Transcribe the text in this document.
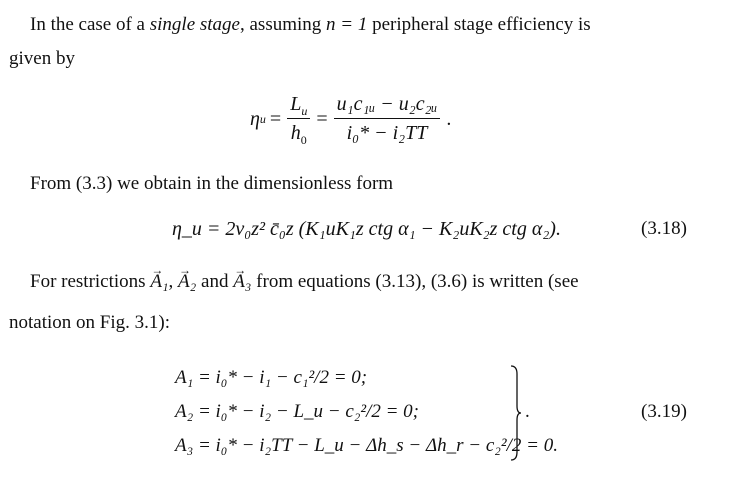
In the case of a single stage, assuming n = 1 peripheral stage efficiency is
given by
η $u = \frac{L_u}{h_0} = \frac{\text{u₁c₁ᵤ − u₂c₂ᵤ}}{\text{i₀* − i₂TT}}$ .
From (3.3) we obtain in the dimensionless form
η_u = 2ν₀z² c̄₀z (K₁uK₁z ctg α₁ − K₂uK₂z ctg α₂).	(3.18)
For restrictions → A₁, → A₂ and → A₃ from equations (3.13), (3.6) is written (see
notation on Fig. 3.1):
A₁ = i₀* − i₁ − c₁²/2 = 0;
A₂ = i₀* − i₂ − L_u − c₂²/2 = 0;
A₃ = i₀* − i₂TT − L_u − Δh_s − Δh_r − c₂²/2 = 0.
.	(3.19)
